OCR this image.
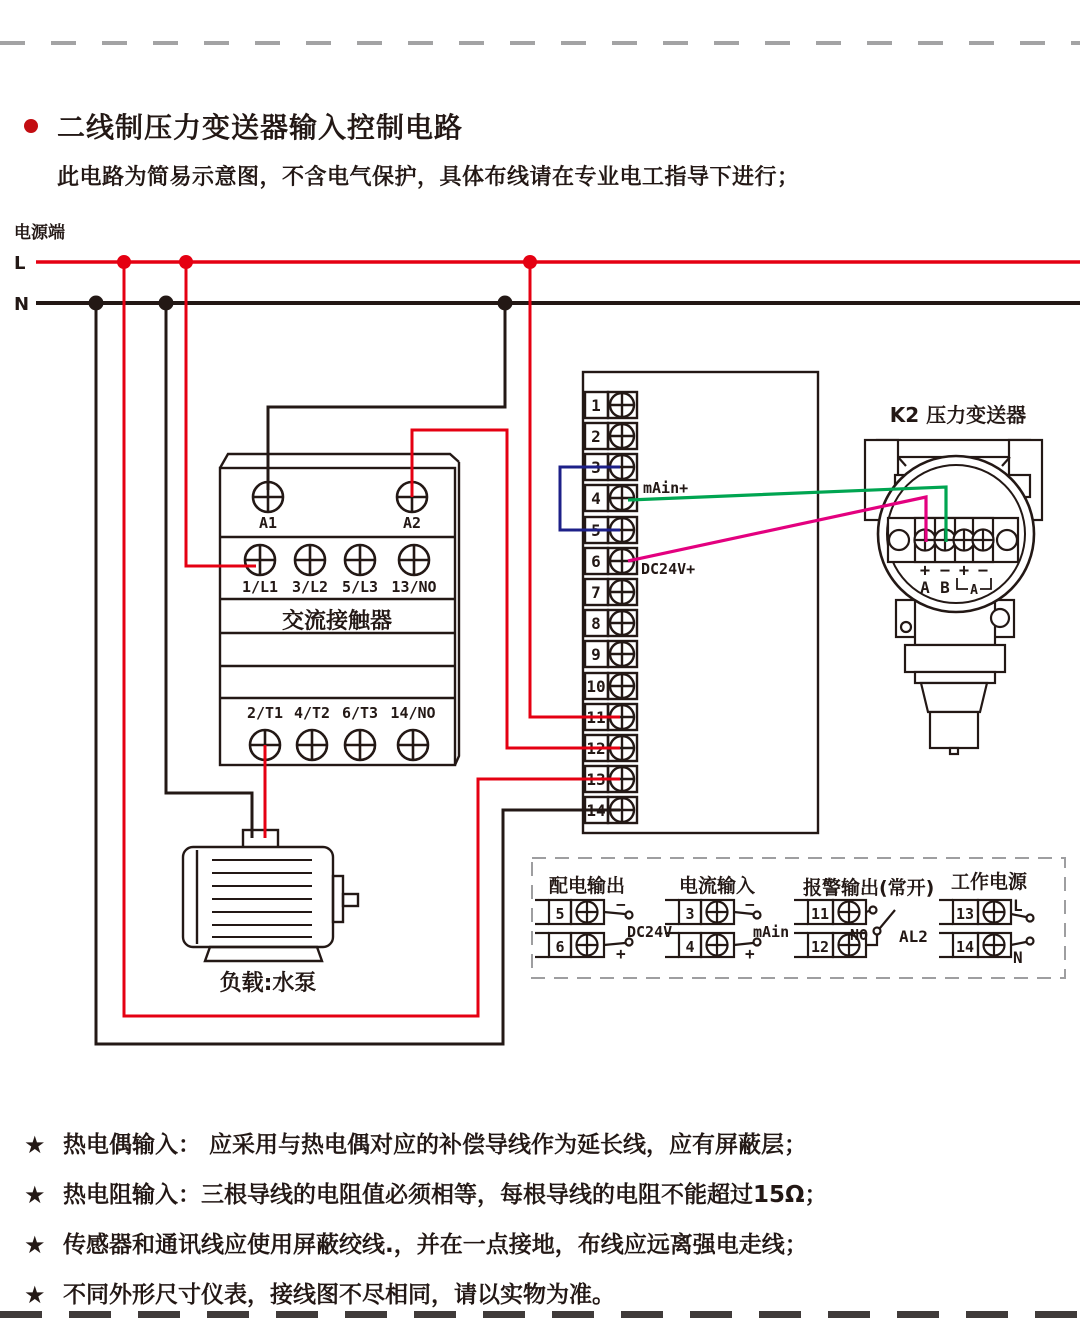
二线制压力变送器输入控制电路
此电路为简易示意图，不含电气保护，具体布线请在专业电工指导下进行；
电源端
L
N
A1	A2
1/L1 3/L2 5/L3 13/NO
交流接触器
2/T1 4/T2 6/T3 14/NO
1
2
3
4
5
6
7
8
9
10
11
12
13
14
mAin+
DC24V+
负载:水泵
配电输出
5
6
−
+
DC24V
电流输入
3
4
−
+
mAin
报警输出(常开)
11
12
NO AL2
工作电源
13
14
L
N
K2 压力变送器
+ − + −
A B A
★ 热电偶输入： 应采用与热电偶对应的补偿导线作为延长线，应有屏蔽层；
★ 热电阻输入：三根导线的电阻值必须相等，每根导线的电阻不能超过15Ω；
★ 传感器和通讯线应使用屏蔽绞线.，并在一点接地，布线应远离强电走线；
★ 不同外形尺寸仪表，接线图不尽相同，请以实物为准。
